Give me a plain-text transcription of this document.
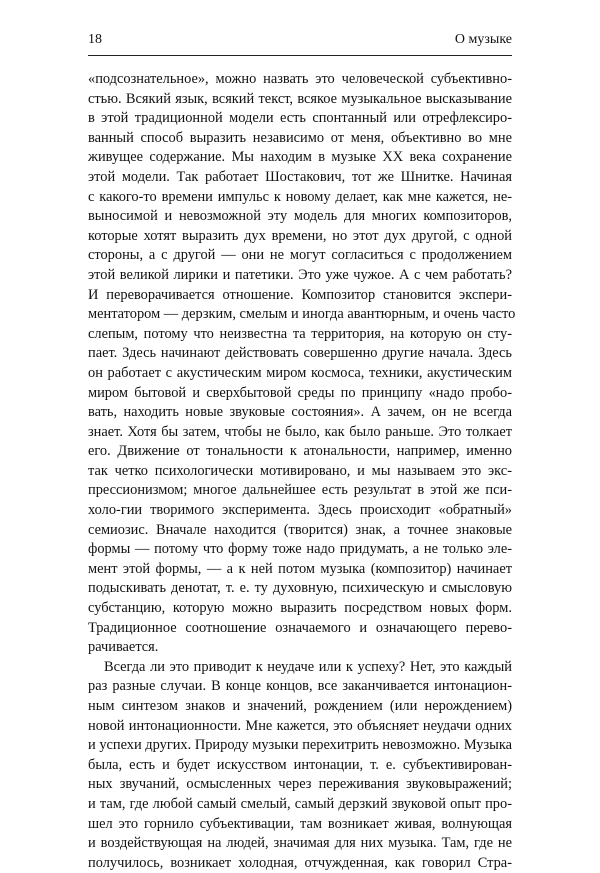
18	О музыке
«подсознательное», можно назвать это человеческой субъективно-
стью. Всякий язык, всякий текст, всякое музыкальное высказывание
в этой традиционной модели есть спонтанный или отрефлексиро-
ванный способ выразить независимо от меня, объективно во мне
живущее содержание. Мы находим в музыке XX века сохранение
этой модели. Так работает Шостакович, тот же Шнитке. Начиная
с какого-то времени импульс к новому делает, как мне кажется, не-
выносимой и невозможной эту модель для многих композиторов,
которые хотят выразить дух времени, но этот дух другой, с одной
стороны, а с другой — они не могут согласиться с продолжением
этой великой лирики и патетики. Это уже чужое. А с чем работать?
И переворачивается отношение. Композитор становится экспери-
ментатором — дерзким, смелым и иногда авантюрным, и очень часто
слепым, потому что неизвестна та территория, на которую он сту-
пает. Здесь начинают действовать совершенно другие начала. Здесь
он работает с акустическим миром космоса, техники, акустическим
миром бытовой и сверхбытовой среды по принципу «надо пробо-
вать, находить новые звуковые состояния». А зачем, он не всегда
знает. Хотя бы затем, чтобы не было, как было раньше. Это толкает
его. Движение от тональности к атональности, например, именно
так четко психологически мотивировано, и мы называем это экс-
прессионизмом; многое дальнейшее есть результат в этой же пси-
холо-гии творимого эксперимента. Здесь происходит «обратный»
семиозис. Вначале находится (творится) знак, а точнее знаковые
формы — потому что форму тоже надо придумать, а не только эле-
мент этой формы, — а к ней потом музыка (композитор) начинает
подыскивать денотат, т. е. ту духовную, психическую и смысловую
субстанцию, которую можно выразить посредством новых форм.
Традиционное соотношение означаемого и означающего перево-
рачивается.
Всегда ли это приводит к неудаче или к успеху? Нет, это каждый
раз разные случаи. В конце концов, все заканчивается интонацион-
ным синтезом знаков и значений, рождением (или нерождением)
новой интонационности. Мне кажется, это объясняет неудачи одних
и успехи других. Природу музыки перехитрить невозможно. Музыка
была, есть и будет искусством интонации, т. е. субъективирован-
ных звучаний, осмысленных через переживания звуковыражений;
и там, где любой самый смелый, самый дерзкий звуковой опыт про-
шел это горнило субъективации, там возникает живая, волнующая
и воздействующая на людей, значимая для них музыка. Там, где не
получилось, возникает холодная, отчужденная, как говорил Стра-
